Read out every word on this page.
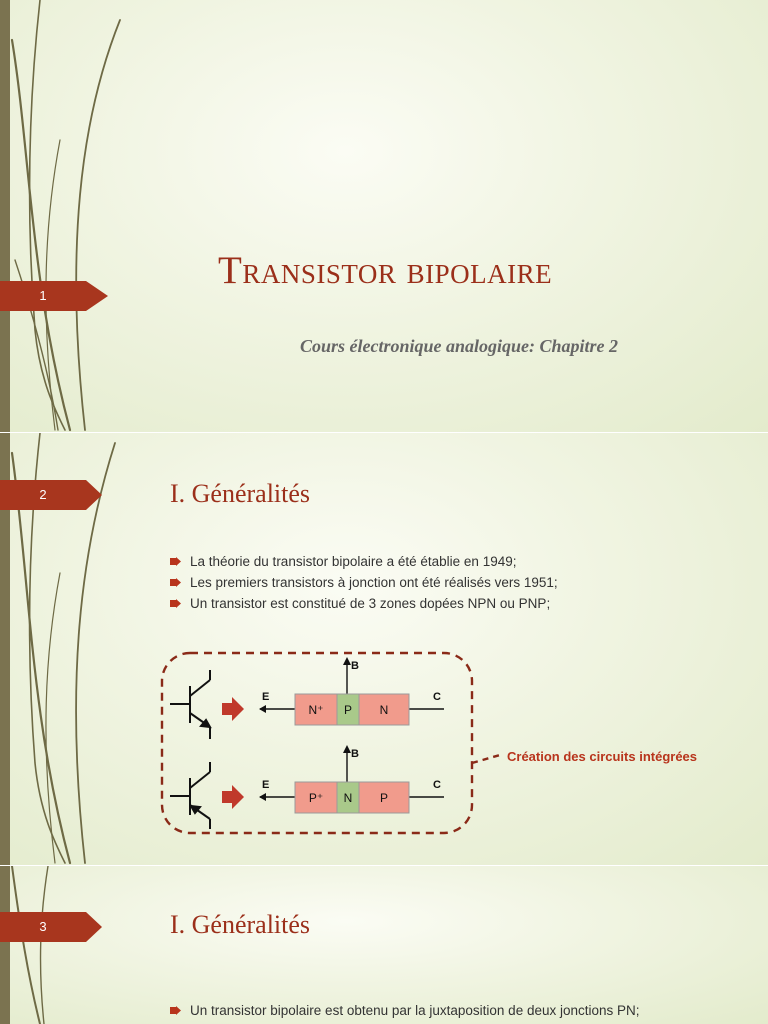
1
Transistor bipolaire
Cours électronique analogique: Chapitre 2
2	I. Généralités
La théorie du transistor bipolaire a été établie en 1949;
Les premiers transistors à jonction ont été réalisés vers 1951;
Un transistor est constitué de 3 zones dopées NPN ou PNP;
E	C
B
N⁺ P N
E	C
B
P⁺ N P
Création des circuits intégrées
3	I. Généralités
Un transistor bipolaire est obtenu par la juxtaposition de deux jonctions PN;
